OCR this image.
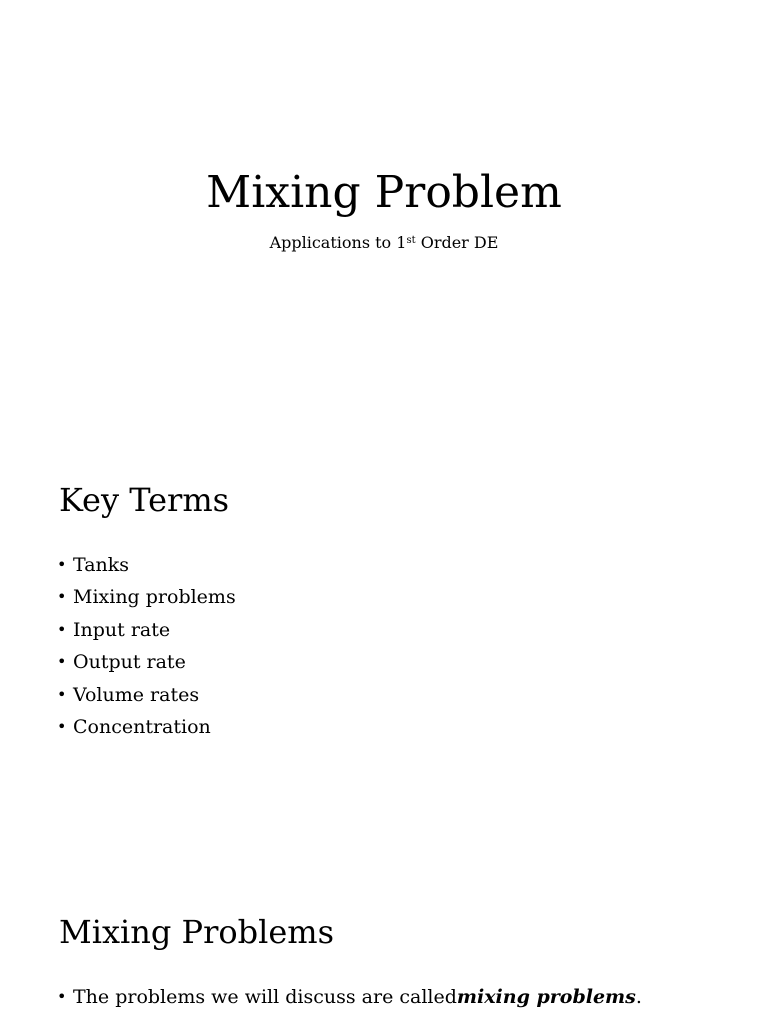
Mixing Problem

Applications to 1st Order DE

Key Terms
• Tanks
• Mixing problems
• Input rate
• Output rate
• Volume rates
• Concentration
Mixing Problems
• The problems we will discuss are called mixing problems .
